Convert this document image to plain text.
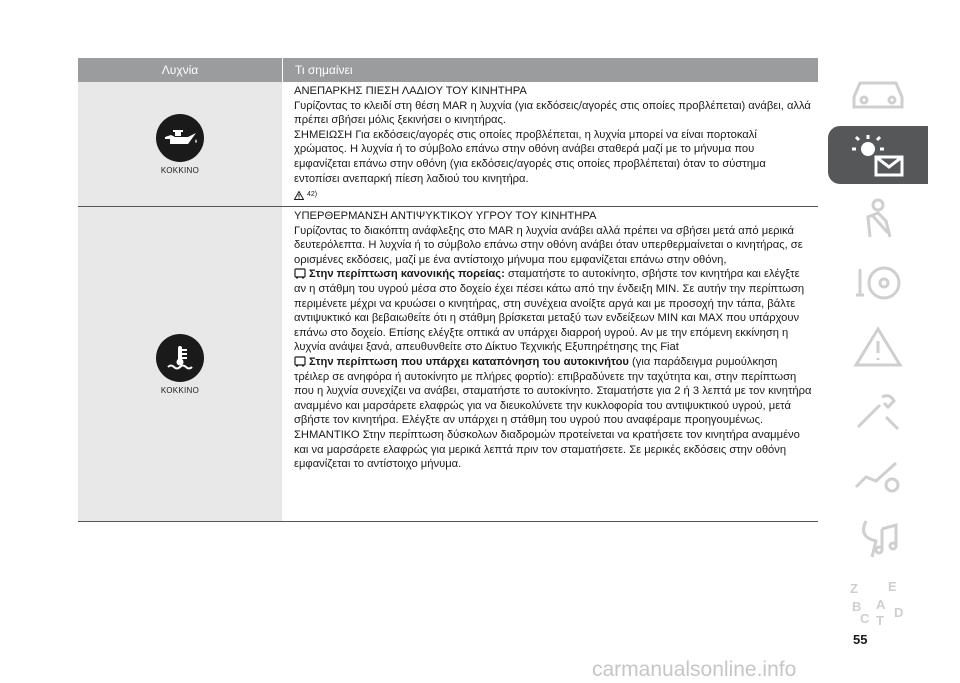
Λυχνία	Τι σημαίνει
ΚΟΚΚΙΝΟ

ΑΝΕΠΑΡΚΗΣ ΠΙΕΣΗ ΛΑΔΙΟΥ ΤΟΥ ΚΙΝΗΤΗΡΑ

Γυρίζοντας το κλειδί στη θέση MAR η λυχνία (για εκδόσεις/αγορές στις οποίες προβλέπεται) ανάβει, αλλά πρέπει σβήσει μόλις ξεκινήσει ο κινητήρας.

ΣΗΜΕΙΩΣΗ Για εκδόσεις/αγορές στις οποίες προβλέπεται, η λυχνία μπορεί να είναι πορτοκαλί χρώματος. Η λυχνία ή το σύμβολο επάνω στην οθόνη ανάβει σταθερά μαζί με το μήνυμα που εμφανίζεται επάνω στην οθόνη (για εκδόσεις/αγορές στις οποίες προβλέπεται) όταν το σύστημα εντοπίσει ανεπαρκή πίεση λαδιού του κινητήρα.

42)
ΚΟΚΚΙΝΟ

ΥΠΕΡΘΕΡΜΑΝΣΗ ΑΝΤΙΨΥΚΤΙΚΟΥ ΥΓΡΟΥ ΤΟΥ ΚΙΝΗΤΗΡΑ

Γυρίζοντας το διακόπτη ανάφλεξης στο MAR η λυχνία ανάβει αλλά πρέπει να σβήσει μετά από μερικά δευτερόλεπτα. Η λυχνία ή το σύμβολο επάνω στην οθόνη ανάβει όταν υπερθερμαίνεται ο κινητήρας, σε ορισμένες εκδόσεις, μαζί με ένα αντίστοιχο μήνυμα που εμφανίζεται επάνω στην οθόνη,

Στην περίπτωση κανονικής πορείας: σταματήστε το αυτοκίνητο, σβήστε τον κινητήρα και ελέγξτε αν η στάθμη του υγρού μέσα στο δοχείο έχει πέσει κάτω από την ένδειξη MIN. Σε αυτήν την περίπτωση περιμένετε μέχρι να κρυώσει ο κινητήρας, στη συνέχεια ανοίξτε αργά και με προσοχή την τάπα, βάλτε αντιψυκτικό και βεβαιωθείτε ότι η στάθμη βρίσκεται μεταξύ των ενδείξεων MIN και MAX που υπάρχουν επάνω στο δοχείο. Επίσης ελέγξτε οπτικά αν υπάρχει διαρροή υγρού. Αν με την επόμενη εκκίνηση η λυχνία ανάψει ξανά, απευθυνθείτε στο Δίκτυο Τεχνικής Εξυπηρέτησης της Fiat

Στην περίπτωση που υπάρχει καταπόνηση του αυτοκινήτου (για παράδειγμα ρυμούλκηση τρέιλερ σε ανηφόρα ή αυτοκίνητο με πλήρες φορτίο): επιβραδύνετε την ταχύτητα και, στην περίπτωση που η λυχνία συνεχίζει να ανάβει, σταματήστε το αυτοκίνητο. Σταματήστε για 2 ή 3 λεπτά με τον κινητήρα αναμμένο και μαρσάρετε ελαφρώς για να διευκολύνετε την κυκλοφορία του αντιψυκτικού υγρού, μετά σβήστε τον κινητήρα. Ελέγξτε αν υπάρχει η στάθμη του υγρού που αναφέραμε προηγουμένως.

ΣΗΜΑΝΤΙΚΟ Στην περίπτωση δύσκολων διαδρομών προτείνεται να κρατήσετε τον κινητήρα αναμμένο και να μαρσάρετε ελαφρώς για μερικά λεπτά πριν τον σταματήσετε. Σε μερικές εκδόσεις στην οθόνη εμφανίζεται το αντίστοιχο μήνυμα.

Z E
B A
C T
D
55
carmanualsonline.info
